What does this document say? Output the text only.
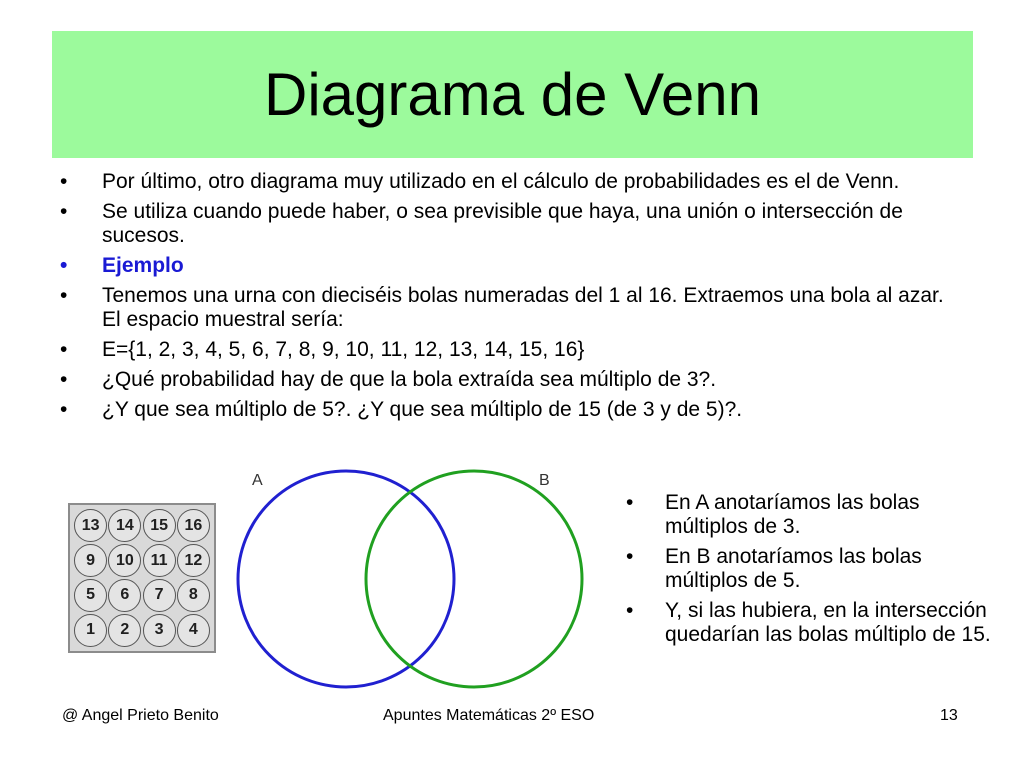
Diagrama de Venn
• Por último, otro diagrama muy utilizado en el cálculo de probabilidades es el de Venn.
• Se utiliza cuando puede haber, o sea previsible que haya, una unión o intersección de sucesos.
• Ejemplo
• Tenemos una urna con dieciséis bolas numeradas del 1 al 16. Extraemos una bola al azar. El espacio muestral sería:
• E={1, 2, 3, 4, 5, 6, 7, 8, 9, 10, 11, 12, 13, 14, 15, 16}
• ¿Qué probabilidad hay de que la bola extraída sea múltiplo de 3?.
• ¿Y que sea múltiplo de 5?. ¿Y que sea múltiplo de 15 (de 3 y de 5)?.
13	14	15	16
9	10	11	12
5	6	7	8
1	2	3	4
A	B
• En A anotaríamos las bolas múltiplos de 3.
• En B anotaríamos las bolas múltiplos de 5.
• Y, si las hubiera, en la intersección quedarían las bolas múltiplo de 15.
@ Angel Prieto Benito	Apuntes Matemáticas 2º ESO	13
